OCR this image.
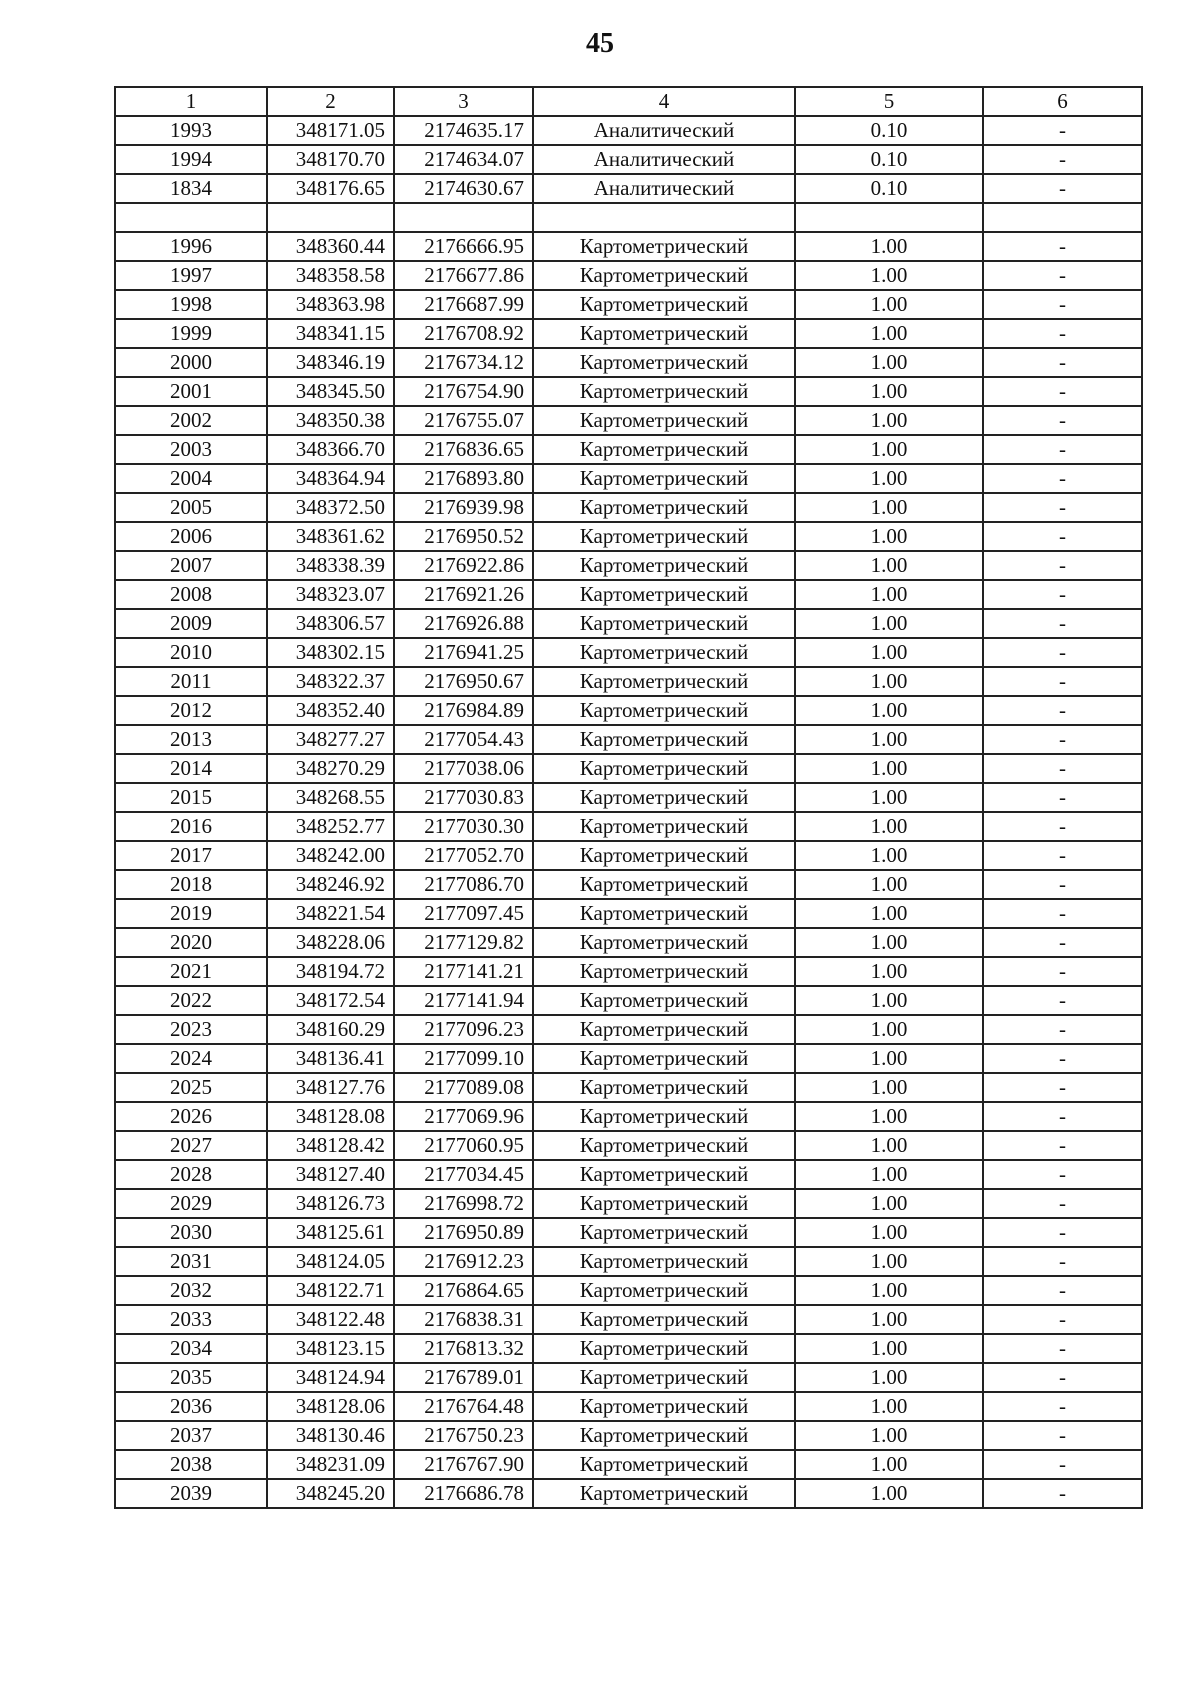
45
1	2	3	4	5	6
1993	348171.05	2174635.17	Аналитический	0.10	-
1994	348170.70	2174634.07	Аналитический	0.10	-
1834	348176.65	2174630.67	Аналитический	0.10	-

1996	348360.44	2176666.95	Картометрический	1.00	-
1997	348358.58	2176677.86	Картометрический	1.00	-
1998	348363.98	2176687.99	Картометрический	1.00	-
1999	348341.15	2176708.92	Картометрический	1.00	-
2000	348346.19	2176734.12	Картометрический	1.00	-
2001	348345.50	2176754.90	Картометрический	1.00	-
2002	348350.38	2176755.07	Картометрический	1.00	-
2003	348366.70	2176836.65	Картометрический	1.00	-
2004	348364.94	2176893.80	Картометрический	1.00	-
2005	348372.50	2176939.98	Картометрический	1.00	-
2006	348361.62	2176950.52	Картометрический	1.00	-
2007	348338.39	2176922.86	Картометрический	1.00	-
2008	348323.07	2176921.26	Картометрический	1.00	-
2009	348306.57	2176926.88	Картометрический	1.00	-
2010	348302.15	2176941.25	Картометрический	1.00	-
2011	348322.37	2176950.67	Картометрический	1.00	-
2012	348352.40	2176984.89	Картометрический	1.00	-
2013	348277.27	2177054.43	Картометрический	1.00	-
2014	348270.29	2177038.06	Картометрический	1.00	-
2015	348268.55	2177030.83	Картометрический	1.00	-
2016	348252.77	2177030.30	Картометрический	1.00	-
2017	348242.00	2177052.70	Картометрический	1.00	-
2018	348246.92	2177086.70	Картометрический	1.00	-
2019	348221.54	2177097.45	Картометрический	1.00	-
2020	348228.06	2177129.82	Картометрический	1.00	-
2021	348194.72	2177141.21	Картометрический	1.00	-
2022	348172.54	2177141.94	Картометрический	1.00	-
2023	348160.29	2177096.23	Картометрический	1.00	-
2024	348136.41	2177099.10	Картометрический	1.00	-
2025	348127.76	2177089.08	Картометрический	1.00	-
2026	348128.08	2177069.96	Картометрический	1.00	-
2027	348128.42	2177060.95	Картометрический	1.00	-
2028	348127.40	2177034.45	Картометрический	1.00	-
2029	348126.73	2176998.72	Картометрический	1.00	-
2030	348125.61	2176950.89	Картометрический	1.00	-
2031	348124.05	2176912.23	Картометрический	1.00	-
2032	348122.71	2176864.65	Картометрический	1.00	-
2033	348122.48	2176838.31	Картометрический	1.00	-
2034	348123.15	2176813.32	Картометрический	1.00	-
2035	348124.94	2176789.01	Картометрический	1.00	-
2036	348128.06	2176764.48	Картометрический	1.00	-
2037	348130.46	2176750.23	Картометрический	1.00	-
2038	348231.09	2176767.90	Картометрический	1.00	-
2039	348245.20	2176686.78	Картометрический	1.00	-
